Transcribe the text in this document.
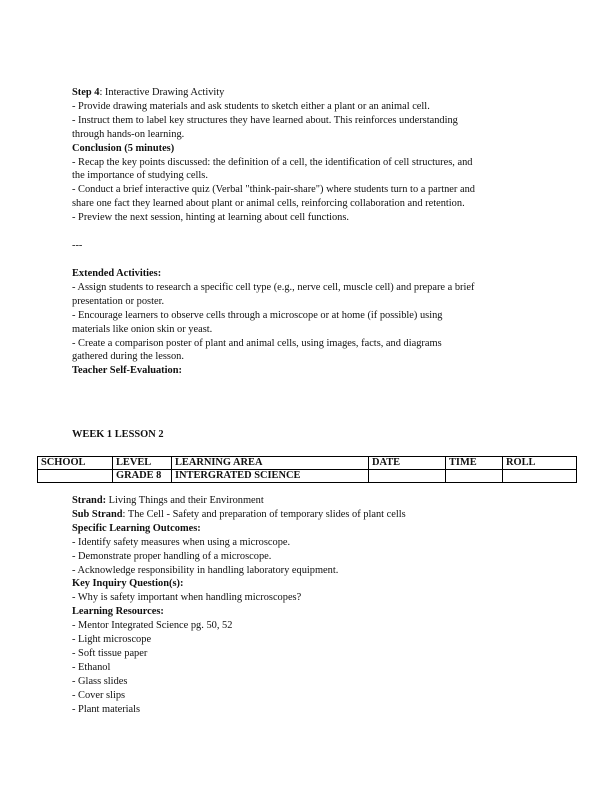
Step 4: Interactive Drawing Activity
- Provide drawing materials and ask students to sketch either a plant or an animal cell.
- Instruct them to label key structures they have learned about. This reinforces understanding
through hands-on learning.
Conclusion (5 minutes)
- Recap the key points discussed: the definition of a cell, the identification of cell structures, and
the importance of studying cells.
- Conduct a brief interactive quiz (Verbal "think-pair-share") where students turn to a partner and
share one fact they learned about plant or animal cells, reinforcing collaboration and retention.
- Preview the next session, hinting at learning about cell functions.
---
Extended Activities:
- Assign students to research a specific cell type (e.g., nerve cell, muscle cell) and prepare a brief
presentation or poster.
- Encourage learners to observe cells through a microscope or at home (if possible) using
materials like onion skin or yeast.
- Create a comparison poster of plant and animal cells, using images, facts, and diagrams
gathered during the lesson.
Teacher Self-Evaluation:
WEEK 1 LESSON 2
SCHOOL	LEVEL	LEARNING AREA	DATE	TIME	ROLL
	GRADE 8	INTERGRATED SCIENCE			
Strand: Living Things and their Environment
Sub Strand: The Cell - Safety and preparation of temporary slides of plant cells
Specific Learning Outcomes:
- Identify safety measures when using a microscope.
- Demonstrate proper handling of a microscope.
- Acknowledge responsibility in handling laboratory equipment.
Key Inquiry Question(s):
- Why is safety important when handling microscopes?
Learning Resources:
- Mentor Integrated Science pg. 50, 52
- Light microscope
- Soft tissue paper
- Ethanol
- Glass slides
- Cover slips
- Plant materials
